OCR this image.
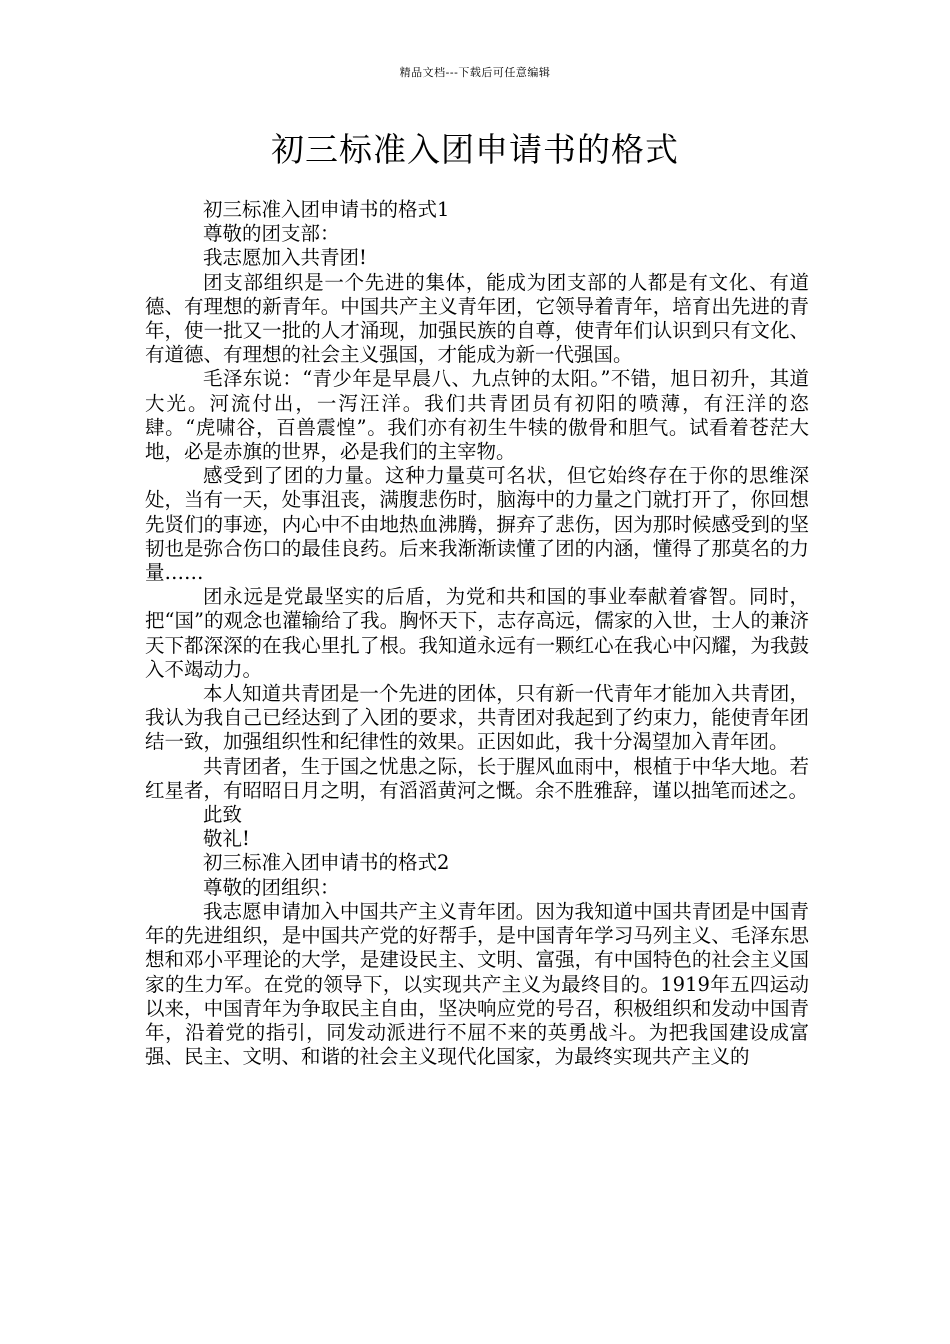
精品文档---下载后可任意编辑
初三标准入团申请书的格式

初三标准入团申请书的格式1

尊敬的团支部：

我志愿加入共青团!

团支部组织是一个先进的集体，能成为团支部的人都是有文化、有道德、有理想的新青年。中国共产主义青年团，它领导着青年，培育出先进的青年，使一批又一批的人才涌现，加强民族的自尊，使青年们认识到只有文化、有道德、有理想的社会主义强国，才能成为新一代强国。

毛泽东说：“青少年是早晨八、九点钟的太阳。”不错，旭日初升，其道大光。河流付出，一泻汪洋。我们共青团员有初阳的喷薄，有汪洋的恣肆。“虎啸谷，百兽震惶”。我们亦有初生牛犊的傲骨和胆气。试看着苍茫大地，必是赤旗的世界，必是我们的主宰物。

感受到了团的力量。这种力量莫可名状，但它始终存在于你的思维深处，当有一天，处事沮丧，满腹悲伤时，脑海中的力量之门就打开了，你回想先贤们的事迹，内心中不由地热血沸腾，摒弃了悲伤，因为那时候感受到的坚韧也是弥合伤口的最佳良药。后来我渐渐读懂了团的内涵，懂得了那莫名的力量……

团永远是党最坚实的后盾，为党和共和国的事业奉献着睿智。同时，把“国”的观念也灌输给了我。胸怀天下，志存高远，儒家的入世，士人的兼济天下都深深的在我心里扎了根。我知道永远有一颗红心在我心中闪耀，为我鼓入不竭动力。

本人知道共青团是一个先进的团体，只有新一代青年才能加入共青团，我认为我自己已经达到了入团的要求，共青团对我起到了约束力，能使青年团结一致，加强组织性和纪律性的效果。正因如此，我十分渴望加入青年团。

共青团者，生于国之忧患之际，长于腥风血雨中，根植于中华大地。若红星者，有昭昭日月之明，有滔滔黄河之慨。余不胜雅辞，谨以拙笔而述之。

此致

敬礼!

初三标准入团申请书的格式2

尊敬的团组织：

我志愿申请加入中国共产主义青年团。因为我知道中国共青团是中国青年的先进组织，是中国共产党的好帮手，是中国青年学习马列主义、毛泽东思想和邓小平理论的大学，是建设民主、文明、富强，有中国特色的社会主义国家的生力军。在党的领导下，以实现共产主义为最终目的。1919年五四运动以来，中国青年为争取民主自由，坚决响应党的号召，积极组织和发动中国青年，沿着党的指引，同发动派进行不屈不来的英勇战斗。为把我国建设成富强、民主、文明、和谐的社会主义现代化国家，为最终实现共产主义的
